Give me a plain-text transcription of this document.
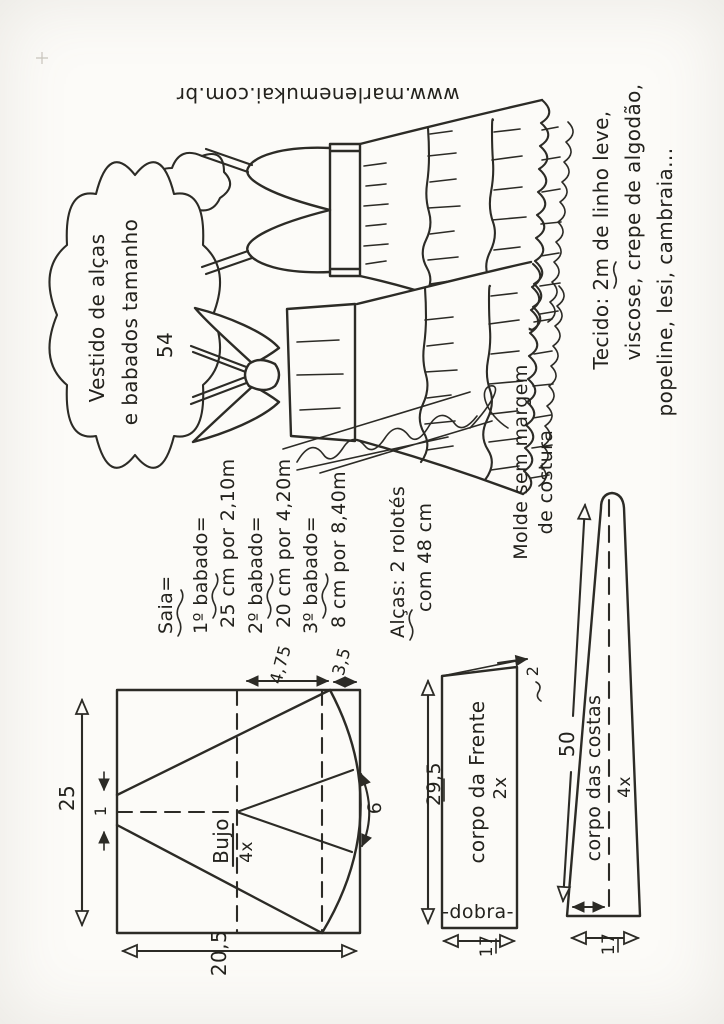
www.marlenemukai.com.br
Vestido de alças e babados tamanho 54	Tecido: 2m de linho leve, viscose, crepe de algodão, popeline, lesi, cambraia...
Saia= 1º babado= 25 cm por 2,10m 2º babado= 20 cm por 4,20m 3º babado= 8 cm por 8,40m Alças: 2 rolotés com 48 cm	Molde sem margem de costura
25 1
20,5
4,75 3,5
6
Bujo 4x
2
29,5 corpo da Frente 2x
-dobra-
17
50 corpo das costas 4x
17
